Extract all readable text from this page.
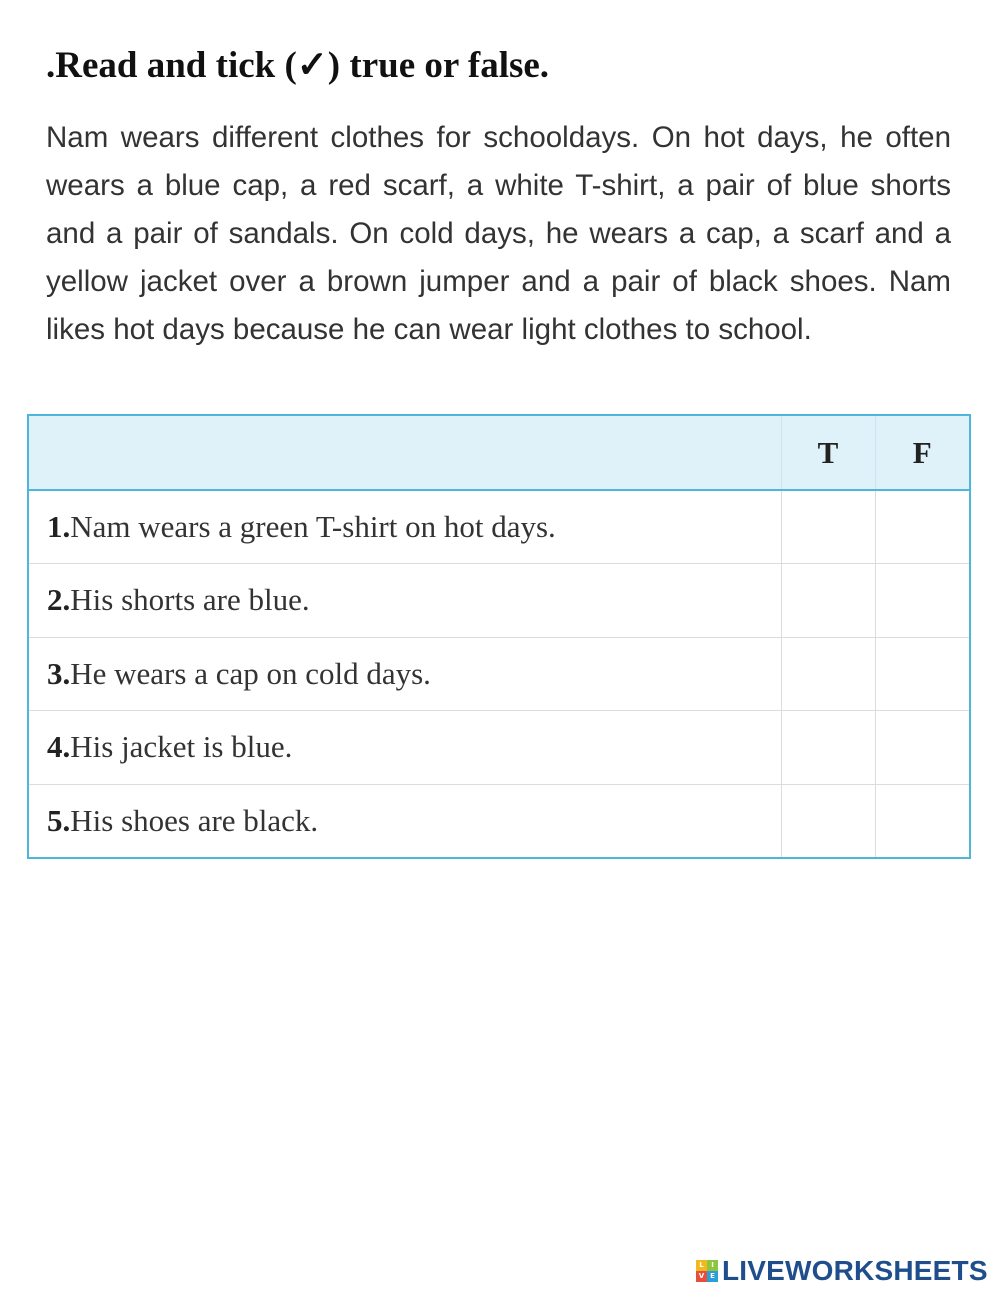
.Read and tick (✓) true or false.

Nam wears different clothes for schooldays. On hot days, he often wears a blue cap, a red scarf, a white T-shirt, a pair of blue shorts and a pair of sandals. On cold days, he wears a cap, a scarf and a yellow jacket over a brown jumper and a pair of black shoes. Nam likes hot days because he can wear light clothes to school.

	T	F
1.Nam wears a green T-shirt on hot days.		
2.His shorts are blue.		
3.He wears a cap on cold days.		
4.His jacket is blue.		
5.His shoes are black.		
L	I
V E LIVEWORKSHEETS
